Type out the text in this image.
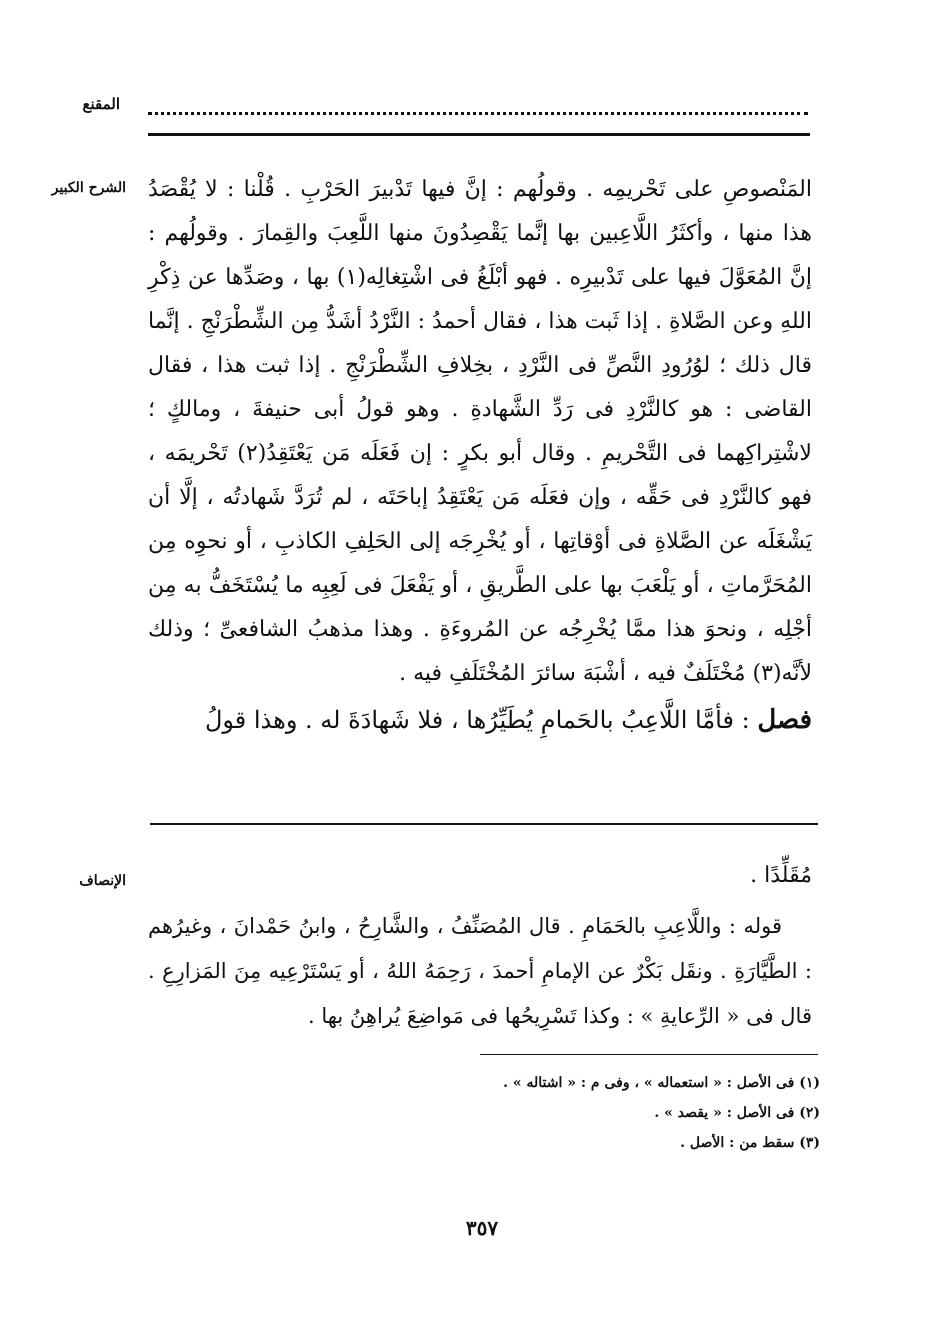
المقنع
الشرح الكبير
الإنصاف

المَنْصوصِ على تَحْريمِه . وقولُهم : إنَّ فيها تَدْبيرَ الحَرْبِ . قُلْنا : لا يُقْصَدُ هذا منها ، وأكثَرُ اللَّاعِبين بها إنَّما يَقْصِدُونَ منها اللَّعِبَ والقِمارَ . وقولُهم : إنَّ المُعَوَّلَ فيها على تَدْبيرِه . فهو أبْلَغُ فى اشْتِغالِه(١) بها ، وصَدِّها عن ذِكْرِ اللهِ وعن الصَّلاةِ . إذا ثَبت هذا ، فقال أحمدُ : النَّرْدُ أشَدُّ مِن الشِّطْرَنْجِ . إنَّما قال ذلك ؛ لوُرُودِ النَّصِّ فى النَّرْدِ ، بخِلافِ الشِّطْرَنْجِ . إذا ثبت هذا ، فقال القاضى : هو كالنَّرْدِ فى رَدِّ الشَّهادةِ . وهو قولُ أبى حنيفةَ ، ومالكٍ ؛ لاشْتِراكِهما فى التَّحْريمِ . وقال أبو بكرٍ : إن فَعَلَه مَن يَعْتَقِدُ(٢) تَحْريمَه ، فهو كالنَّرْدِ فى حَقِّه ، وإن فعَلَه مَن يَعْتَقِدُ إباحَتَه ، لم تُرَدَّ شَهادتُه ، إلَّا أن يَشْغَلَه عن الصَّلاةِ فى أوْقاتِها ، أو يُخْرِجَه إلى الحَلِفِ الكاذبِ ، أو نحوِه مِن المُحَرَّماتِ ، أو يَلْعَبَ بها على الطَّريقِ ، أو يَفْعَلَ فى لَعِبِه ما يُسْتَخَفُّ به مِن أجْلِه ، ونحوَ هذا ممَّا يُخْرِجُه عن المُروءَةِ . وهذا مذهبُ الشافعىِّ ؛ وذلك لأنَّه(٣) مُخْتَلَفٌ فيه ، أشْبَهَ سائرَ المُخْتَلَفِ فيه .

فصل : فأمَّا اللَّاعِبُ بالحَمامِ يُطَيِّرُها ، فلا شَهادَةَ له . وهذا قولُ

مُقَلِّدًا .

قوله : واللَّاعِبِ بالحَمَامِ . قال المُصَنِّفُ ، والشَّارِحُ ، وابنُ حَمْدانَ ، وغيرُهم : الطَّيَّارَةِ . ونقَل بَكْرٌ عن الإمامِ أحمدَ ، رَحِمَهُ اللهُ ، أو يَسْتَرْعِيه مِنَ المَزارِعِ . قال فى « الرِّعايةِ » : وكذا تَسْرِيحُها فى مَواضِعَ يُراهِنُ بها .

(١) فى الأصل : « استعماله » ، وفى م : « اشتاله » .
(٢) فى الأصل : « يقصد » .
(٣) سقط من : الأصل .
٣٥٧
